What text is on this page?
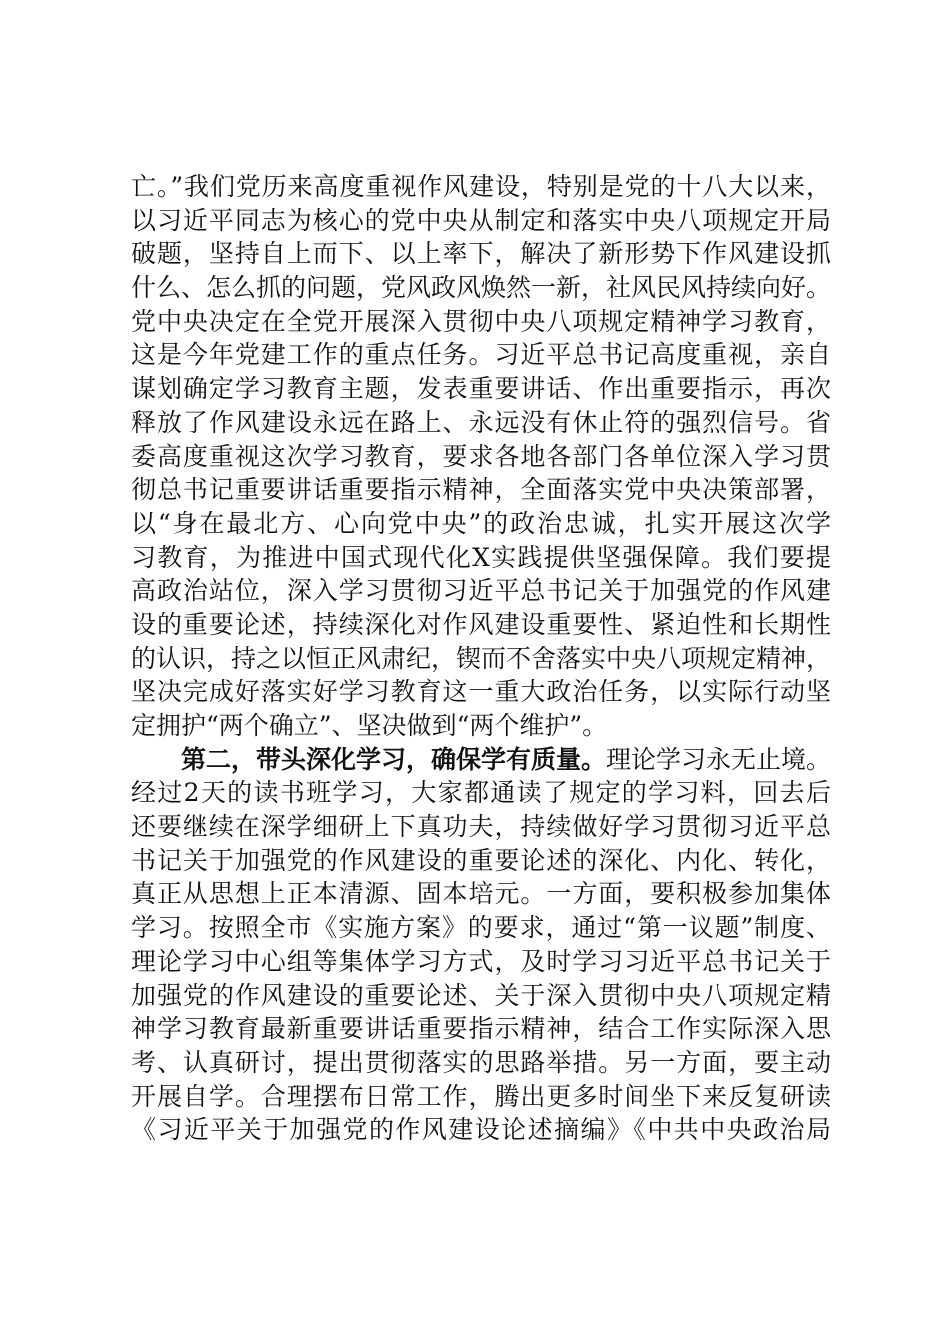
亡。”我们党历来高度重视作风建设，特别是党的十八大以来，
以习近平同志为核心的党中央从制定和落实中央八项规定开局
破题，坚持自上而下、以上率下，解决了新形势下作风建设抓
什么、怎么抓的问题，党风政风焕然一新，社风民风持续向好。
党中央决定在全党开展深入贯彻中央八项规定精神学习教育，
这是今年党建工作的重点任务。习近平总书记高度重视，亲自
谋划确定学习教育主题，发表重要讲话、作出重要指示，再次
释放了作风建设永远在路上、永远没有休止符的强烈信号。省
委高度重视这次学习教育，要求各地各部门各单位深入学习贯
彻总书记重要讲话重要指示精神，全面落实党中央决策部署，
以“身在最北方、心向党中央”的政治忠诚，扎实开展这次学
习教育，为推进中国式现代化X实践提供坚强保障。我们要提
高政治站位，深入学习贯彻习近平总书记关于加强党的作风建
设的重要论述，持续深化对作风建设重要性、紧迫性和长期性
的认识，持之以恒正风肃纪，锲而不舍落实中央八项规定精神，
坚决完成好落实好学习教育这一重大政治任务，以实际行动坚
定拥护“两个确立”、坚决做到“两个维护”。
第二，带头深化学习，确保学有质量。理论学习永无止境。
经过2天的读书班学习，大家都通读了规定的学习料，回去后
还要继续在深学细研上下真功夫，持续做好学习贯彻习近平总
书记关于加强党的作风建设的重要论述的深化、内化、转化，
真正从思想上正本清源、固本培元。一方面，要积极参加集体
学习。按照全市《实施方案》的要求，通过“第一议题”制度、
理论学习中心组等集体学习方式，及时学习习近平总书记关于
加强党的作风建设的重要论述、关于深入贯彻中央八项规定精
神学习教育最新重要讲话重要指示精神，结合工作实际深入思
考、认真研讨，提出贯彻落实的思路举措。另一方面，要主动
开展自学。合理摆布日常工作，腾出更多时间坐下来反复研读
《习近平关于加强党的作风建设论述摘编》《中共中央政治局
